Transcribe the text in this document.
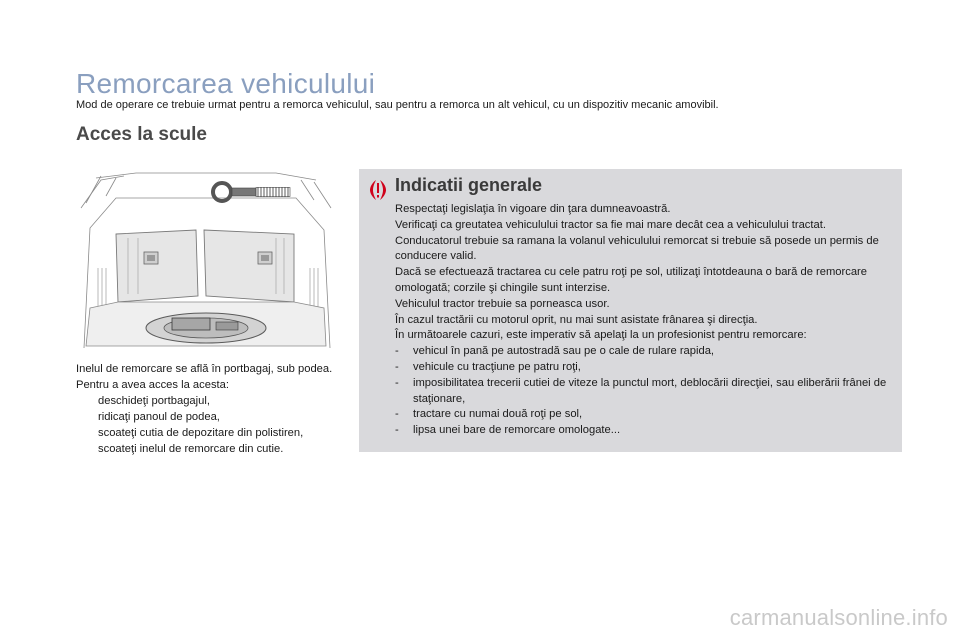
Remorcarea vehiculului
Mod de operare ce trebuie urmat pentru a remorca vehiculul, sau pentru a remorca un alt vehicul, cu un dispozitiv mecanic amovibil.
Acces la scule

Inelul de remorcare se află în portbagaj, sub podea.

Pentru a avea acces la acesta:

deschideţi portbagajul,
ridicaţi panoul de podea,
scoateţi cutia de depozitare din polistiren,
scoateţi inelul de remorcare din cutie.
Indicatii generale

Respectaţi legislaţia în vigoare din ţara dumneavoastră.

Verificaţi ca greutatea vehiculului tractor sa fie mai mare decât cea a vehiculului tractat.

Conducatorul trebuie sa ramana la volanul vehiculului remorcat si trebuie să posede un permis de conducere valid.

Dacă se efectuează tractarea cu cele patru roţi pe sol, utilizaţi întotdeauna o bară de remorcare omologată; corzile şi chingile sunt interzise.

Vehiculul tractor trebuie sa porneasca usor.

În cazul tractării cu motorul oprit, nu mai sunt asistate frânarea şi direcţia.

În următoarele cazuri, este imperativ să apelaţi la un profesionist pentru remorcare:

- vehicul în pană pe autostradă sau pe o cale de rulare rapida,
- vehicule cu tracţiune pe patru roţi,
- imposibilitatea trecerii cutiei de viteze la punctul mort, deblocării direcţiei, sau eliberării frânei de staţionare,
- tractare cu numai două roţi pe sol,
- lipsa unei bare de remorcare omologate...
carmanualsonline.info
